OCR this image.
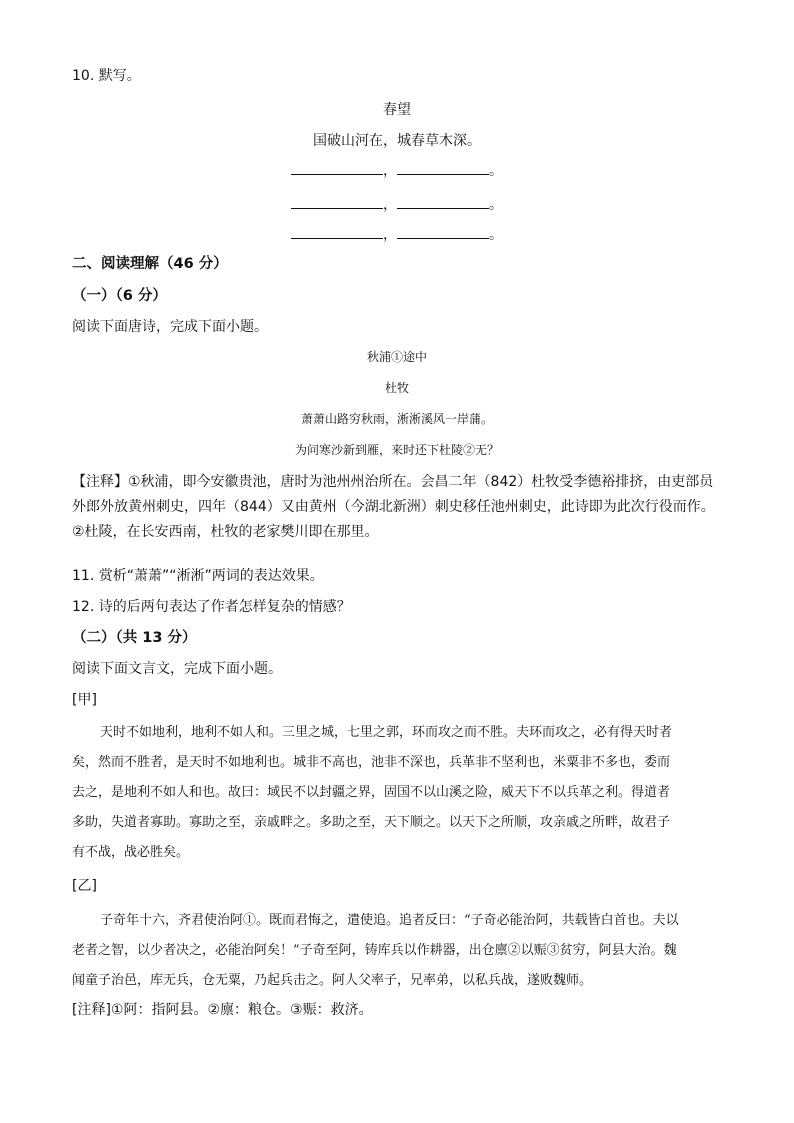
10. 默写。
春望
国破山河在，城春草木深。
，	。
，	。
，	。
二、阅读理解（46 分）
（一）（6 分）
阅读下面唐诗，完成下面小题。
秋浦①途中
杜牧
萧萧山路穷秋雨，淅淅溪风一岸蒲。
为问寒沙新到雁，来时还下杜陵②无？
【注释】①秋浦，即今安徽贵池，唐时为池州州治所在。会昌二年（842）杜牧受李德裕排挤，由吏部员
外郎外放黄州刺史，四年（844）又由黄州（今湖北新洲）刺史移任池州刺史，此诗即为此次行役而作。
②杜陵，在长安西南，杜牧的老家樊川即在那里。
11. 赏析“萧萧”“淅淅”两词的表达效果。
12. 诗的后两句表达了作者怎样复杂的情感？
（二）（共 13 分）
阅读下面文言文，完成下面小题。
[甲]
天时不如地利，地利不如人和。三里之城，七里之郭，环而攻之而不胜。夫环而攻之，必有得天时者
矣，然而不胜者，是天时不如地利也。城非不高也，池非不深也，兵革非不坚利也，米粟非不多也，委而
去之，是地利不如人和也。故曰：域民不以封疆之界，固国不以山溪之险，威天下不以兵革之利。得道者
多助，失道者寡助。寡助之至，亲戚畔之。多助之至，天下顺之。以天下之所顺，攻亲戚之所畔，故君子
有不战，战必胜矣。
[乙]
子奇年十六，齐君使治阿①。既而君悔之，遣使追。追者反曰：“子奇必能治阿，共载皆白首也。夫以
老者之智，以少者决之，必能治阿矣！”子奇至阿，铸库兵以作耕器，出仓廪②以赈③贫穷，阿县大治。魏
闻童子治邑，库无兵，仓无粟，乃起兵击之。阿人父率子，兄率弟，以私兵战，遂败魏师。
[注释]①阿：指阿县。②廪：粮仓。③赈：救济。
